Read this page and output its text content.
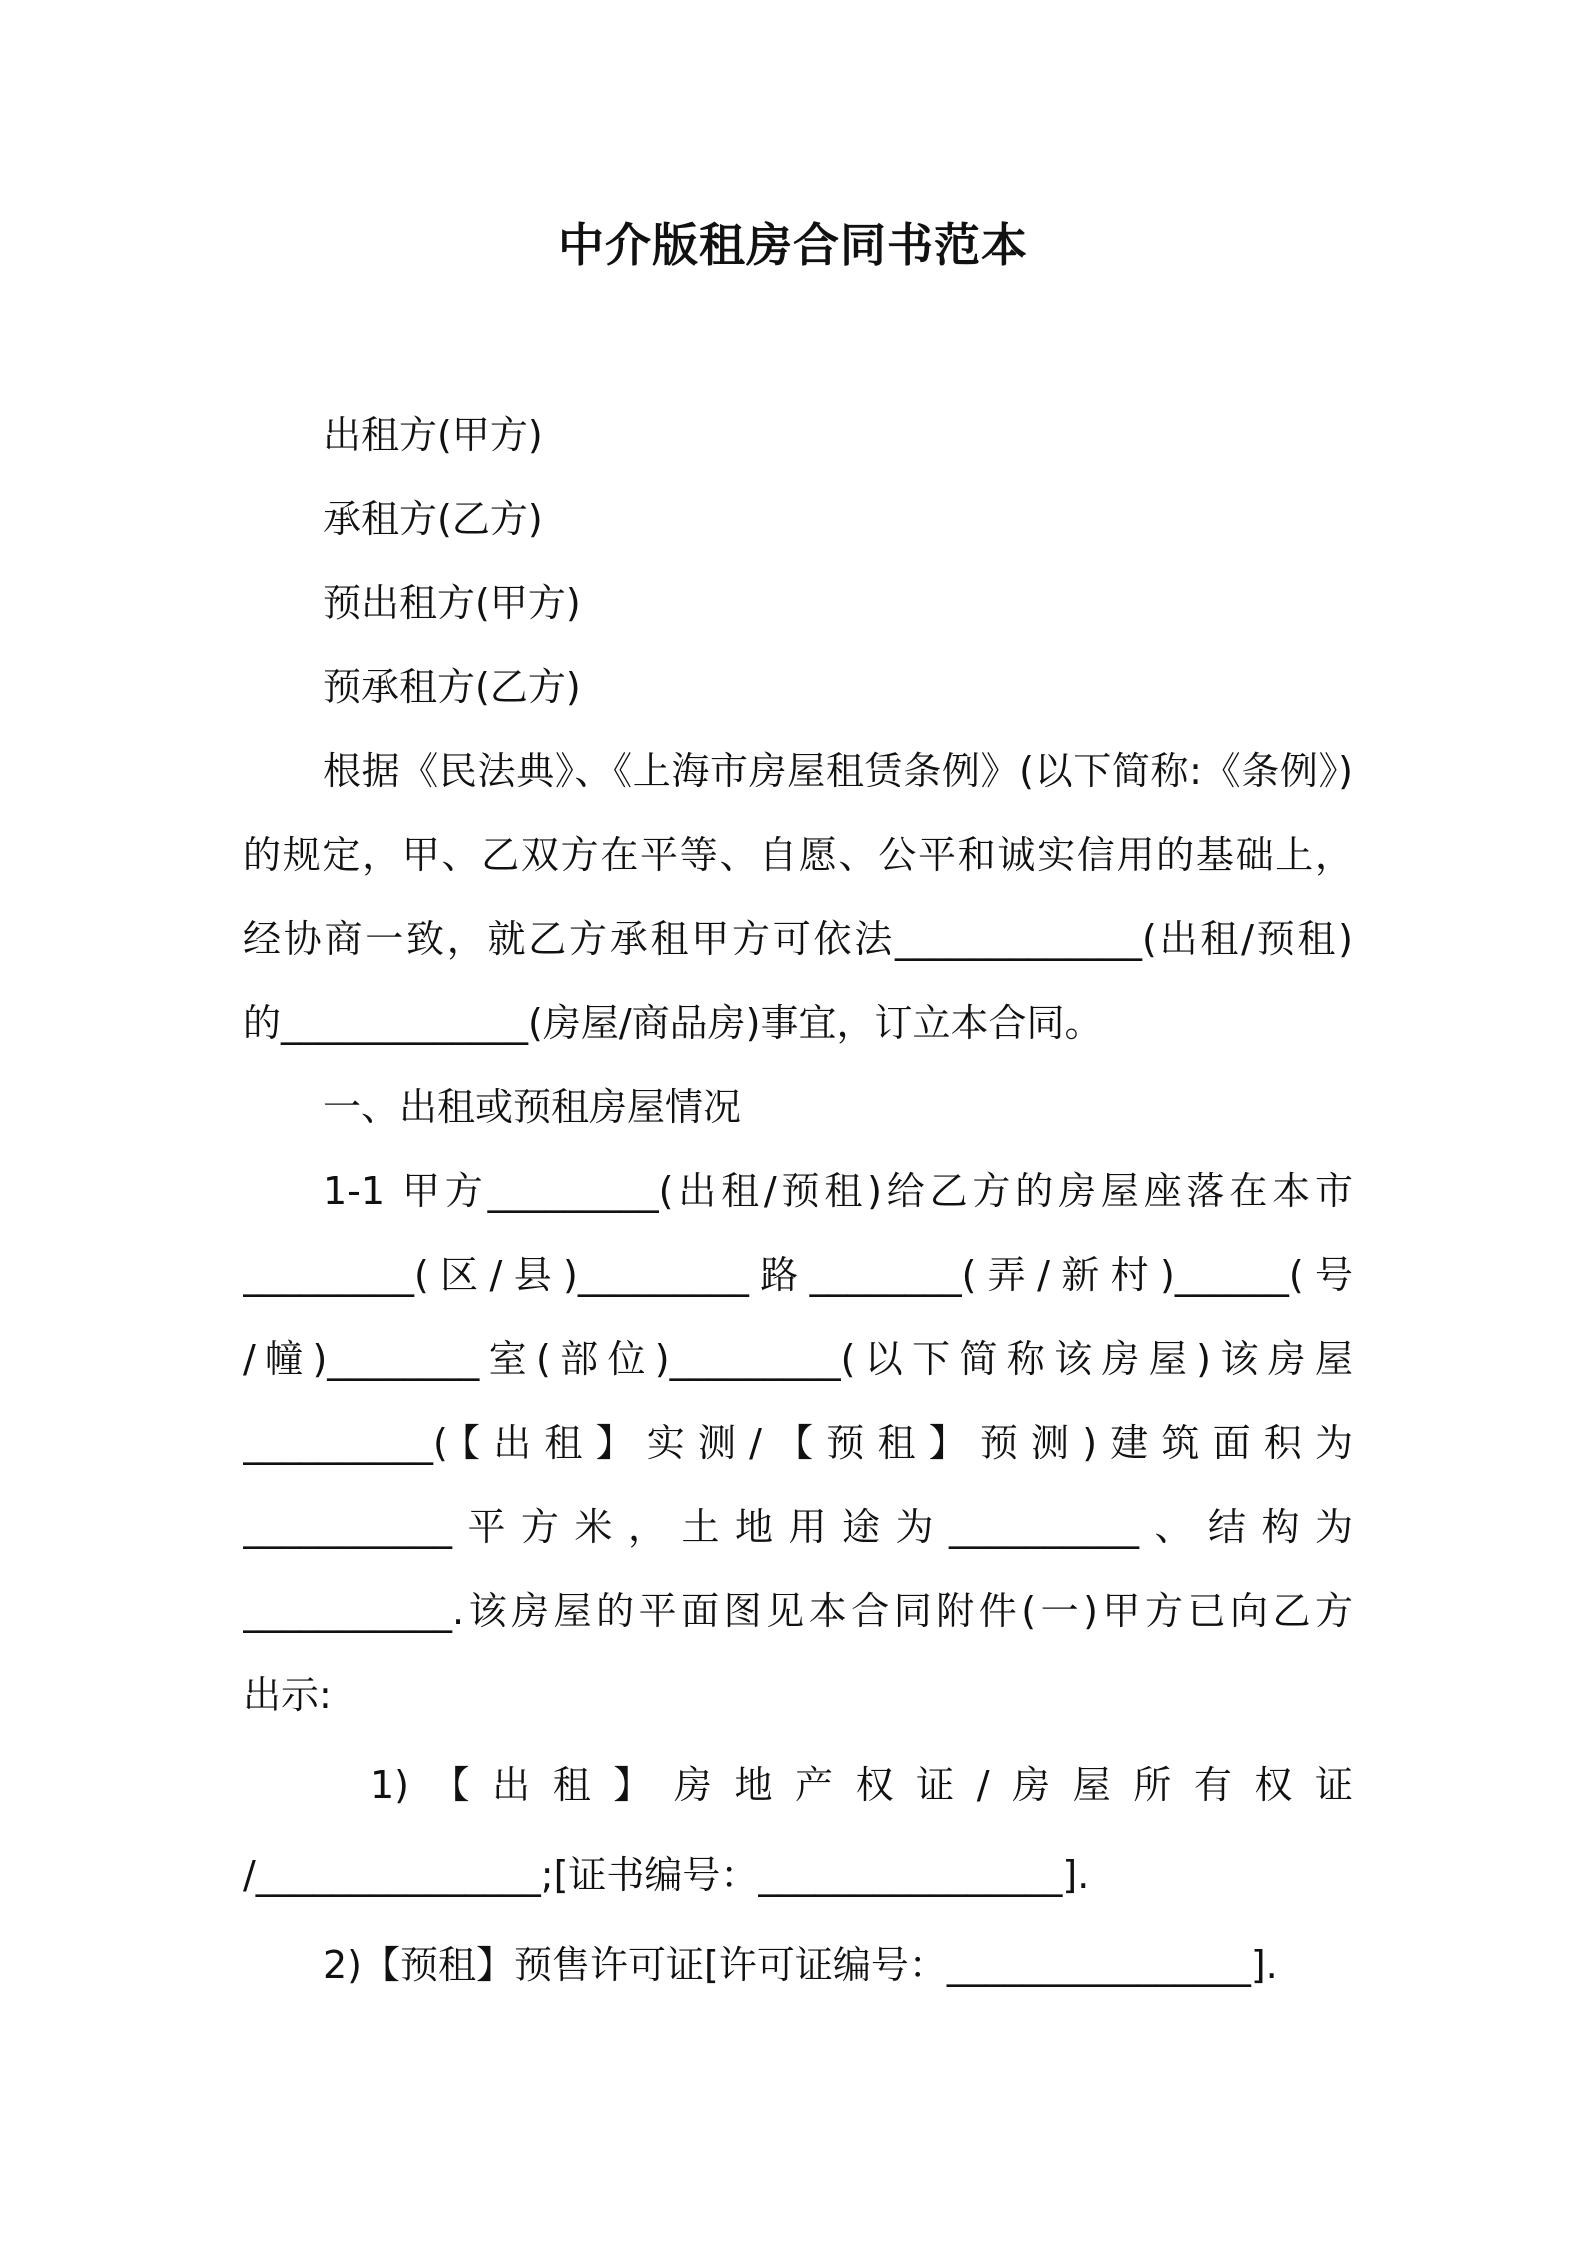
中介版租房合同书范本
出租方(甲方)
承租方(乙方)
预出租方(甲方)
预承租方(乙方)
根据《民法典》、《上海市房屋租赁条例》(以下简称:《条例》)
的规定，甲、乙双方在平等、自愿、公平和诚实信用的基础上，
经协商一致，就乙方承租甲方可依法_____________(出租/预租)
的_____________(房屋/商品房)事宜，订立本合同。
一、出租或预租房屋情况
1-1 甲方_________(出租/预租)给乙方的房屋座落在本市
_________(区/县)_________路________(弄/新村)______(号
/幢)________室(部位)_________(以下简称该房屋)该房屋
__________(【出租】实测/【预租】预测)建筑面积为
___________平方米，土地用途为__________、结构为
___________.该房屋的平面图见本合同附件(一)甲方已向乙方
出示:
1)【出租】房地产权证/房屋所有权证
/_______________;[证书编号：________________].
2)【预租】预售许可证[许可证编号：________________].
